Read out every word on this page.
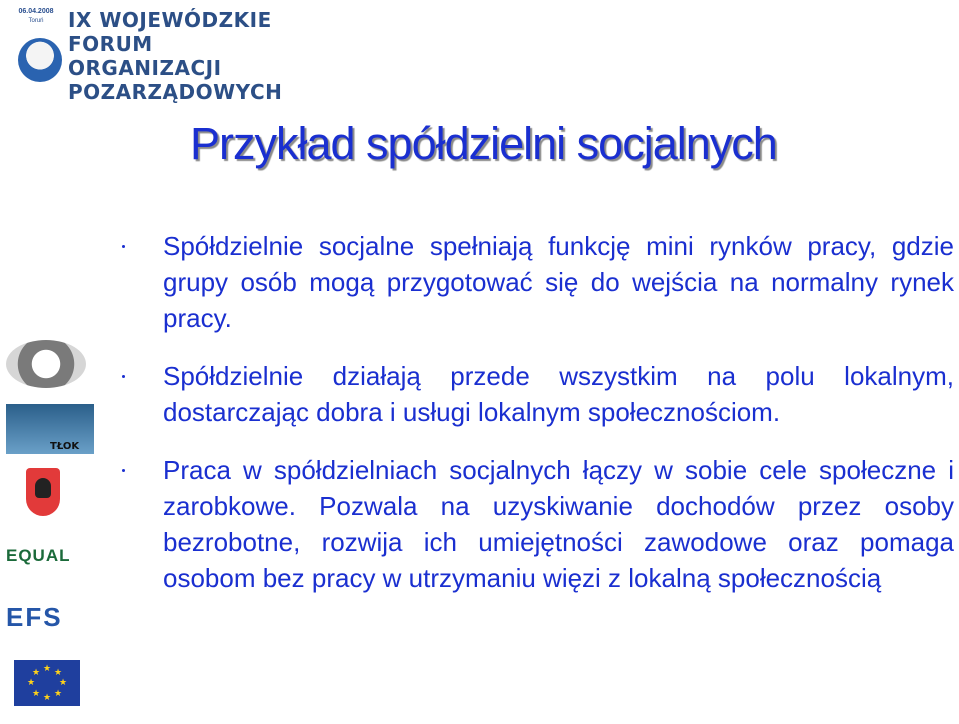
06.04.2008
Toruń	IX WOJEWÓDZKIE
FORUM ORGANIZACJI
POZARZĄDOWYCH
Przykład spółdzielni socjalnych
Spółdzielnie socjalne spełniają funkcję mini rynków pracy, gdzie grupy osób mogą przygotować się do wejścia na normalny rynek pracy.
Spółdzielnie działają przede wszystkim na polu lokalnym, dostarczając dobra i usługi lokalnym społecznościom.
Praca w spółdzielniach socjalnych łączy w sobie cele społeczne i zarobkowe. Pozwala na uzyskiwanie dochodów przez osoby bezrobotne, rozwija ich umiejętności zawodowe oraz pomaga osobom bez pracy w utrzymaniu więzi z lokalną społecznością
TŁOK
EQUAL
EFS
★ ★
★
★
★
★
★
★
